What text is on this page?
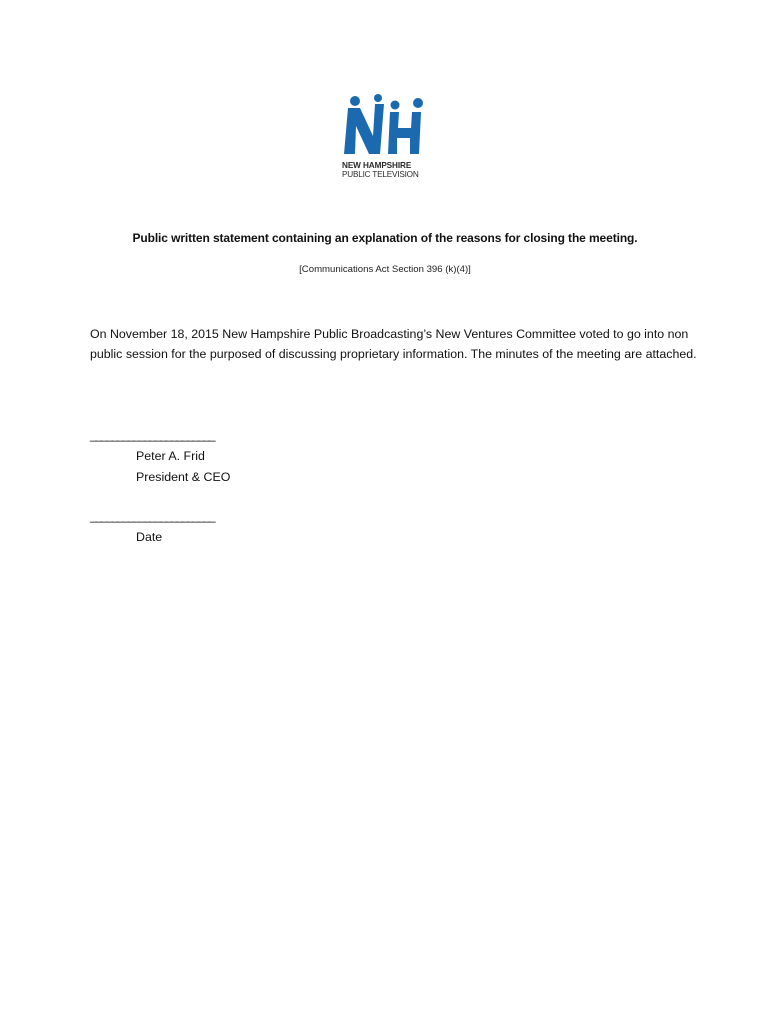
NEW HAMPSHIRE
PUBLIC TELEVISION
Public written statement containing an explanation of the reasons for closing the meeting.
[Communications Act Section 396 (k)(4)]
On November 18, 2015 New Hampshire Public Broadcasting’s New Ventures Committee voted to go into non public session for the purposed of discussing proprietary information. The minutes of the meeting are attached.
_______________________
Peter A. Frid
President & CEO
_______________________
Date
